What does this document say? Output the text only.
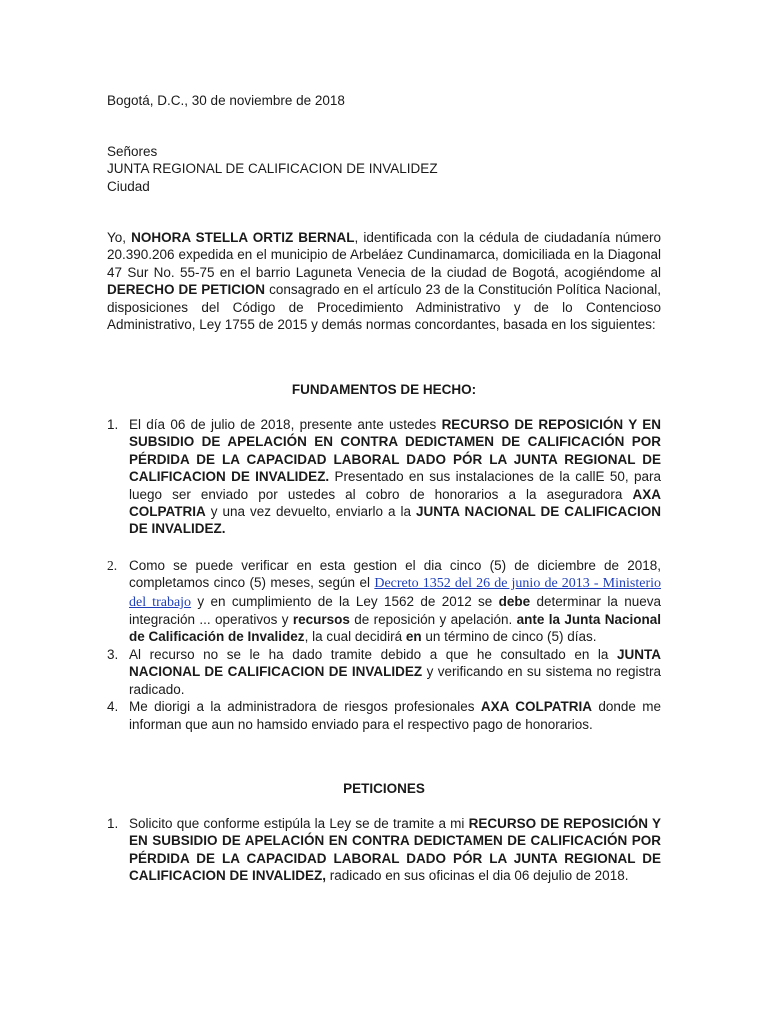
Bogotá, D.C., 30 de noviembre de 2018

Señores
JUNTA REGIONAL DE CALIFICACION DE INVALIDEZ
Ciudad

Yo, NOHORA STELLA ORTIZ BERNAL, identificada con la cédula de ciudadanía número 20.390.206 expedida en el municipio de Arbeláez Cundinamarca, domiciliada en la Diagonal 47 Sur No. 55-75 en el barrio Laguneta Venecia de la ciudad de Bogotá, acogiéndome al DERECHO DE PETICION consagrado en el artículo 23 de la Constitución Política Nacional, disposiciones del Código de Procedimiento Administrativo y de lo Contencioso Administrativo, Ley 1755 de 2015 y demás normas concordantes, basada en los siguientes:

FUNDAMENTOS DE HECHO:

1. El día 06 de julio de 2018, presente ante ustedes RECURSO DE REPOSICIÓN Y EN SUBSIDIO DE APELACIÓN EN CONTRA DEDICTAMEN DE CALIFICACIÓN POR PÉRDIDA DE LA CAPACIDAD LABORAL DADO PÓR LA JUNTA REGIONAL DE CALIFICACION DE INVALIDEZ. Presentado en sus instalaciones de la callE 50, para luego ser enviado por ustedes al cobro de honorarios a la aseguradora AXA COLPATRIA y una vez devuelto, enviarlo a la JUNTA NACIONAL DE CALIFICACION DE INVALIDEZ.
2. Como se puede verificar en esta gestion el dia cinco (5) de diciembre de 2018, completamos cinco (5) meses, según el Decreto 1352 del 26 de junio de 2013 - Ministerio del trabajo y en cumplimiento de la Ley 1562 de 2012 se debe determinar la nueva integración ... operativos y recursos de reposición y apelación. ante la Junta Nacional de Calificación de Invalidez, la cual decidirá en un término de cinco (5) días.
3. Al recurso no se le ha dado tramite debido a que he consultado en la JUNTA NACIONAL DE CALIFICACION DE INVALIDEZ y verificando en su sistema no registra radicado.
4. Me diorigi a la administradora de riesgos profesionales AXA COLPATRIA donde me informan que aun no hamsido enviado para el respectivo pago de honorarios.

PETICIONES

1. Solicito que conforme estipúla la Ley se de tramite a mi RECURSO DE REPOSICIÓN Y EN SUBSIDIO DE APELACIÓN EN CONTRA DEDICTAMEN DE CALIFICACIÓN POR PÉRDIDA DE LA CAPACIDAD LABORAL DADO PÓR LA JUNTA REGIONAL DE CALIFICACION DE INVALIDEZ, radicado en sus oficinas el dia 06 dejulio de 2018.
